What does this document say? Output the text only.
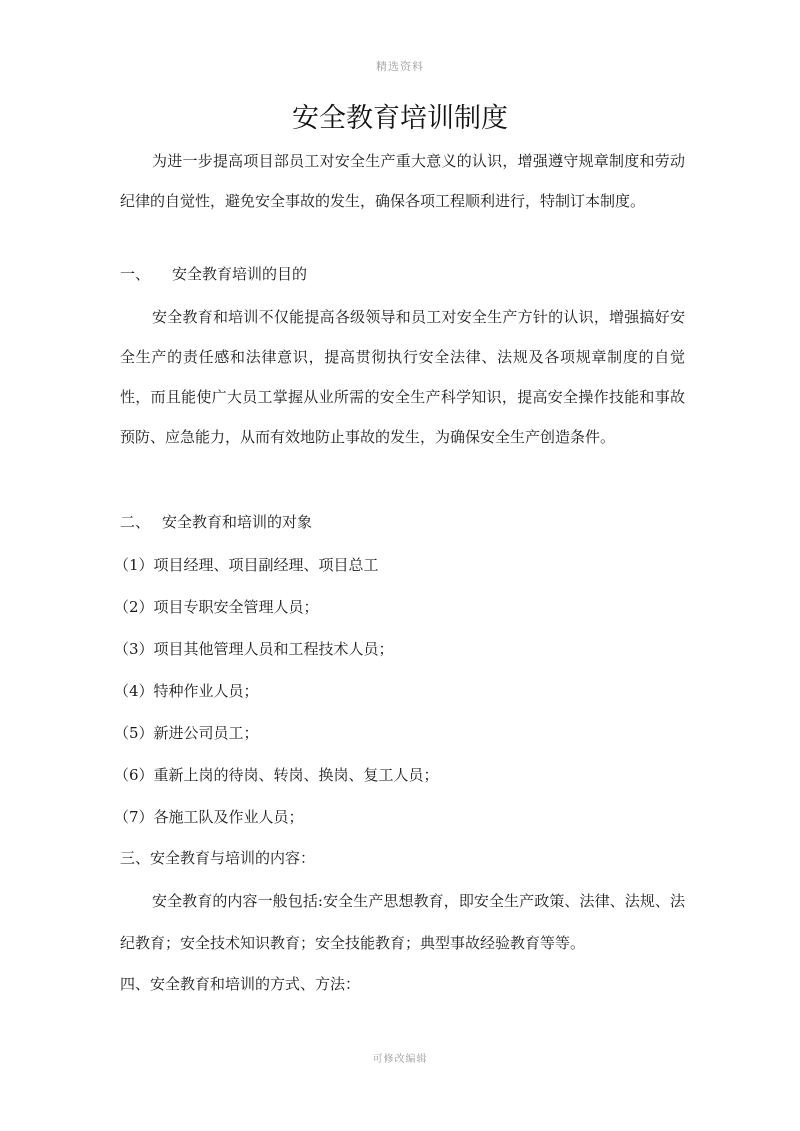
精选资料
安全教育培训制度

为进一步提高项目部员工对安全生产重大意义的认识，增强遵守规章制度和劳动纪律的自觉性，避免安全事故的发生，确保各项工程顺利进行，特制订本制度。

一、 安全教育培训的目的

安全教育和培训不仅能提高各级领导和员工对安全生产方针的认识，增强搞好安全生产的责任感和法律意识，提高贯彻执行安全法律、法规及各项规章制度的自觉性，而且能使广大员工掌握从业所需的安全生产科学知识，提高安全操作技能和事故预防、应急能力，从而有效地防止事故的发生，为确保安全生产创造条件。

二、 安全教育和培训的对象

（1）项目经理、项目副经理、项目总工

（2）项目专职安全管理人员；

（3）项目其他管理人员和工程技术人员；

（4）特种作业人员；

（5）新进公司员工；

（6）重新上岗的待岗、转岗、换岗、复工人员；

（7）各施工队及作业人员；

三、安全教育与培训的内容：

安全教育的内容一般包括:安全生产思想教育，即安全生产政策、法律、法规、法纪教育；安全技术知识教育；安全技能教育；典型事故经验教育等等。

四、安全教育和培训的方式、方法：

可修改编辑
